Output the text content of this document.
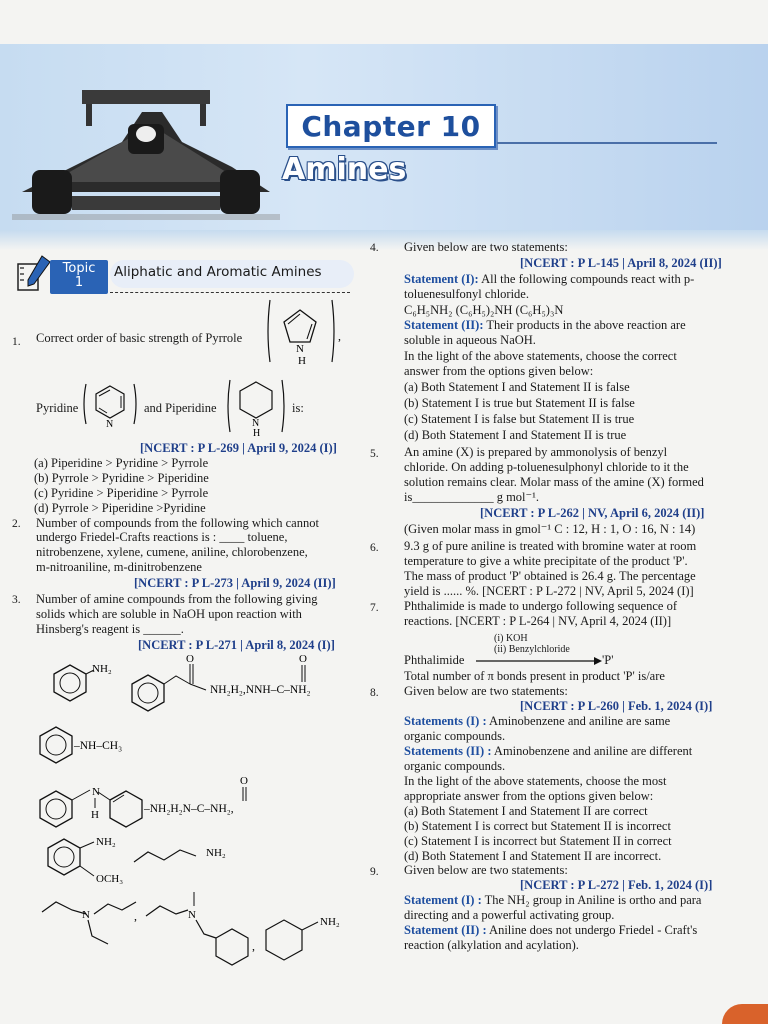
Chapter 10
Amines
Topic
1
Aliphatic and Aromatic Amines
1. Correct order of basic strength of Pyrrole
N
H
,
Pyridine
N
and Piperidine
N
H
is:
[NCERT : P L-269 | April 9, 2024 (I)]
(a) Piperidine > Pyridine > Pyrrole
(b) Pyrrole > Pyridine > Piperidine
(c) Pyridine > Piperidine > Pyrrole
(d) Pyrrole > Piperidine >Pyridine
2. Number of compounds from the following which cannot
undergo Friedel-Crafts reactions is : ____ toluene,
nitrobenzene, xylene, cumene, aniline, chlorobenzene,
m-nitroaniline, m-dinitrobenzene
[NCERT : P L-273 | April 9, 2024 (II)]
3. Number of amine compounds from the following giving
solids which are soluble in NaOH upon reaction with
Hinsberg's reagent is ______.
[NCERT : P L-271 | April 8, 2024 (I)]
NH₂
O
NH₂H₂,NNH–C–NH₂
O
–NH–CH₃
N
H	–NH₂H₂N–C–NH₂,
O
NH₂
OCH₃
NH₂
N	,	N
,
NH₂
4. Given below are two statements:
[NCERT : P L-145 | April 8, 2024 (II)]
Statement (I): All the following compounds react with p-
toluenesulfonyl chloride.
C₆H₅NH₂ (C₆H₅)₂NH (C₆H₅)₃N
Statement (II): Their products in the above reaction are
soluble in aqueous NaOH.
In the light of the above statements, choose the correct
answer from the options given below:
(a) Both Statement I and Statement II is false
(b) Statement I is true but Statement II is false
(c) Statement I is false but Statement II is true
(d) Both Statement I and Statement II is true
5. An amine (X) is prepared by ammonolysis of benzyl
chloride. On adding p-toluenesulphonyl chloride to it the
solution remains clear. Molar mass of the amine (X) formed
is_____________ g mol⁻¹.
[NCERT : P L-262 | NV, April 6, 2024 (II)]
(Given molar mass in gmol⁻¹ C : 12, H : 1, O : 16, N : 14)
6. 9.3 g of pure aniline is treated with bromine water at room
temperature to give a white precipitate of the product 'P'.
The mass of product 'P' obtained is 26.4 g. The percentage
yield is ...... %. [NCERT : P L-272 | NV, April 5, 2024 (I)]
7. Phthalimide is made to undergo following sequence of
reactions. [NCERT : P L-264 | NV, April 4, 2024 (II)]
(i) KOH
(ii) Benzylchloride
Phthalimide	'P'
Total number of π bonds present in product 'P' is/are
8. Given below are two statements:
[NCERT : P L-260 | Feb. 1, 2024 (I)]
Statements (I) : Aminobenzene and aniline are same
organic compounds.
Statements (II) : Aminobenzene and aniline are different
organic compounds.
In the light of the above statements, choose the most
appropriate answer from the options given below:
(a) Both Statement I and Statement II are correct
(b) Statement I is correct but Statement II is incorrect
(c) Statement I is incorrect but Statement II in correct
(d) Both Statement I and Statement II are incorrect.
9. Given below are two statements:
[NCERT : P L-272 | Feb. 1, 2024 (I)]
Statement (I) : The NH₂ group in Aniline is ortho and para
directing and a powerful activating group.
Statement (II) : Aniline does not undergo Friedel - Craft's
reaction (alkylation and acylation).
